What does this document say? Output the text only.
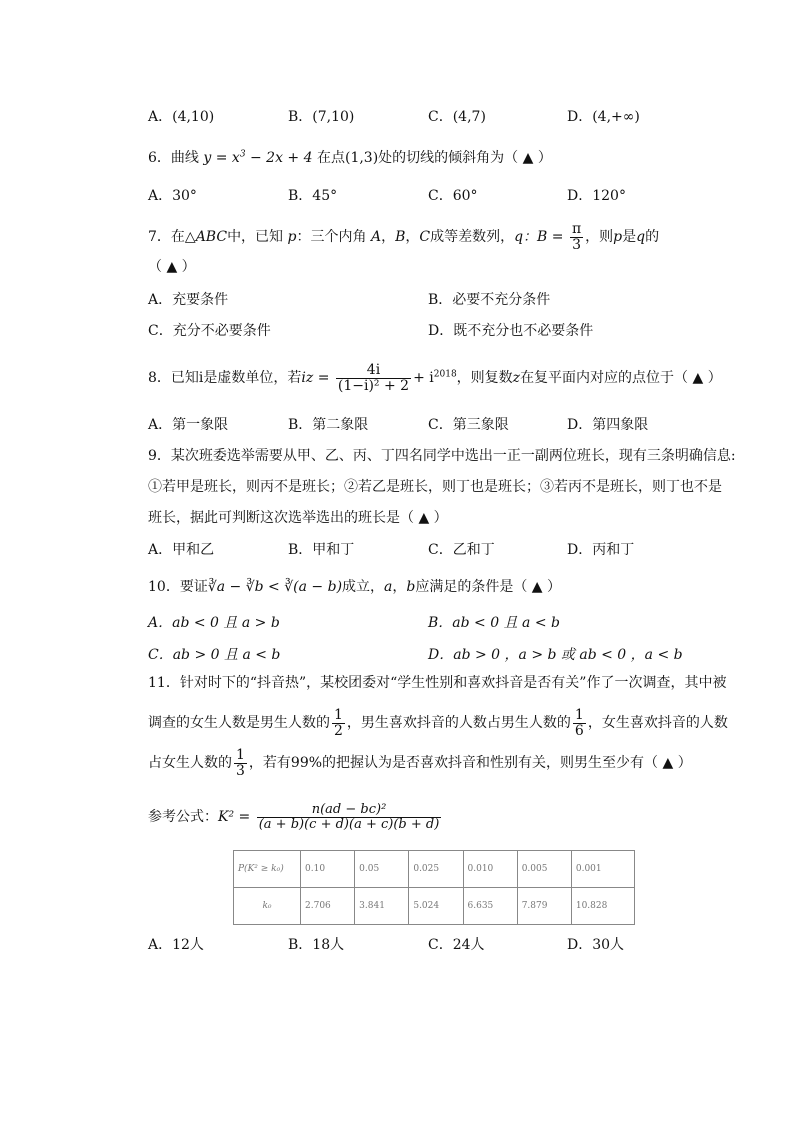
A．(4,10)	B．(7,10)	C．(4,7)	D．(4,+∞)
6．曲线 $y = x^3 - 2x + 4$ 在点(1,3)处的切线的倾斜角为（ ▲ ）
A．30°	B．45°	C．60°	D．120°
7．在△ABC中，已知 p：三个内角 A，B，C成等差数列，q：$B = \frac{\pi}{3}$ ，则p是q的
（ ▲ ）
A．充要条件	B．必要不充分条件
C．充分不必要条件	D．既不充分也不必要条件
8．已知i是虚数单位，若iz = $\frac{4i}{\text{(1−i)² + 2}} + i^{2018}$，则复数z在复平面内对应的点位于（ ▲ ）
A．第一象限	B．第二象限	C．第三象限	D．第四象限
9．某次班委选举需要从甲、乙、丙、丁四名同学中选出一正一副两位班长，现有三条明确信息:
①若甲是班长，则丙不是班长；②若乙是班长，则丁也是班长；③若丙不是班长，则丁也不是
班长，据此可判断这次选举选出的班长是（ ▲ ）
A．甲和乙	B．甲和丁	C．乙和丁	D．丙和丁
10．要证∛a − ∛b < ∛(a − b)成立，a，b应满足的条件是（ ▲ ）
A．ab < 0 且 a > b	B．ab < 0 且 a < b
C．ab > 0 且 a < b	D．ab > 0 ，a > b 或 ab < 0 ，a < b
11．针对时下的“抖音热”，某校团委对“学生性别和喜欢抖音是否有关”作了一次调查，其中被
调查的女生人数是男生人数的 $\frac{1}{2}$ ，男生喜欢抖音的人数占男生人数的 $\frac{1}{6}$ ，女生喜欢抖音的人数
占女生人数的 $\frac{1}{3}$ ，若有99%的把握认为是否喜欢抖音和性别有关，则男生至少有（ ▲ ）
参考公式：$K^2 = \frac{\text{n(ad − bc)²}}{(a + b)(c + d)(a + c)(b + d)}$
P(K² ≥ k₀)	0.10	0.05	0.025	0.010	0.005	0.001
k₀	2.706	3.841	5.024	6.635	7.879	10.828
A．12人	B．18人	C．24人	D．30人
